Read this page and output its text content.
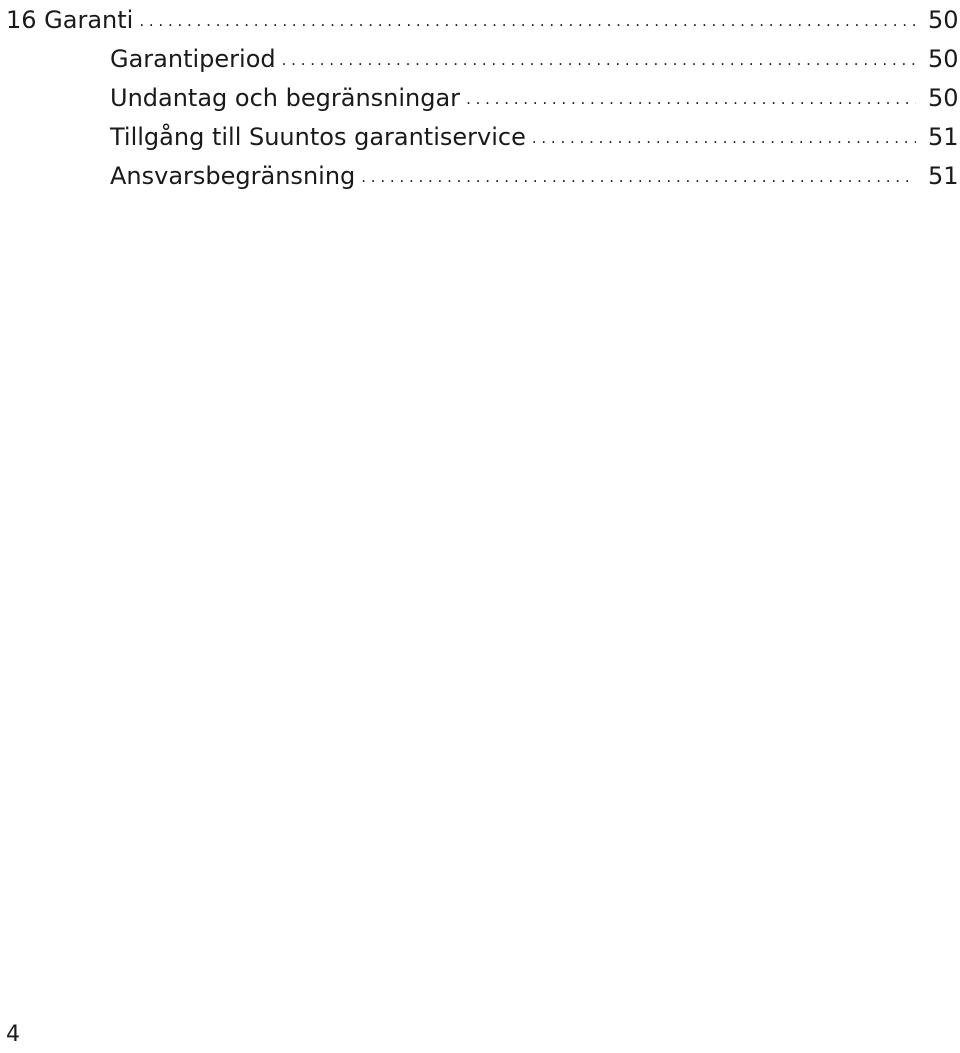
16 Garanti . . .	50
Garantiperiod . . .	50
Undantag och begränsningar . . .	50
Tillgång till Suuntos garantiservice . . .	51
Ansvarsbegränsning . . .	51
4
